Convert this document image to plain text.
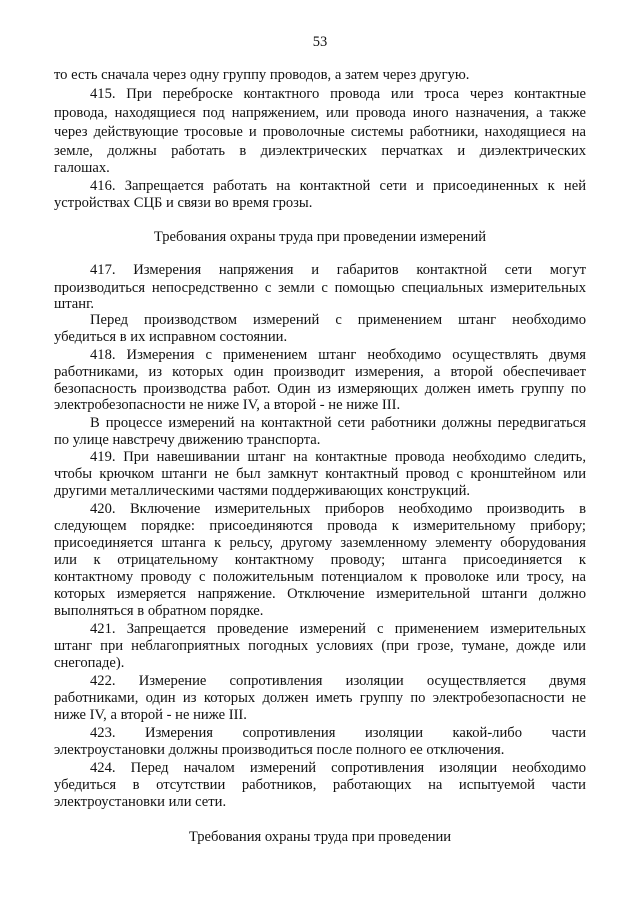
53
то есть сначала через одну группу проводов, а затем через другую.
415. При переброске контактного провода или троса через контактные
провода, находящиеся под напряжением, или провода иного назначения, а также
через действующие тросовые и проволочные системы работники, находящиеся на
земле, должны работать в диэлектрических перчатках и диэлектрических
галошах.
416. Запрещается работать на контактной сети и присоединенных к ней
устройствах СЦБ и связи во время грозы.
Требования охраны труда при проведении измерений
417. Измерения напряжения и габаритов контактной сети могут
производиться непосредственно с земли с помощью специальных измерительных
штанг.
Перед производством измерений с применением штанг необходимо
убедиться в их исправном состоянии.
418. Измерения с применением штанг необходимо осуществлять двумя
работниками, из которых один производит измерения, а второй обеспечивает
безопасность производства работ. Один из измеряющих должен иметь группу по
электробезопасности не ниже IV, а второй - не ниже III.
В процессе измерений на контактной сети работники должны передвигаться
по улице навстречу движению транспорта.
419. При навешивании штанг на контактные провода необходимо следить,
чтобы крючком штанги не был замкнут контактный провод с кронштейном или
другими металлическими частями поддерживающих конструкций.
420. Включение измерительных приборов необходимо производить в
следующем порядке: присоединяются провода к измерительному прибору;
присоединяется штанга к рельсу, другому заземленному элементу оборудования
или к отрицательному контактному проводу; штанга присоединяется к
контактному проводу с положительным потенциалом к проволоке или тросу, на
которых измеряется напряжение. Отключение измерительной штанги должно
выполняться в обратном порядке.
421. Запрещается проведение измерений с применением измерительных
штанг при неблагоприятных погодных условиях (при грозе, тумане, дожде или
снегопаде).
422. Измерение сопротивления изоляции осуществляется двумя
работниками, один из которых должен иметь группу по электробезопасности не
ниже IV, а второй - не ниже III.
423. Измерения сопротивления изоляции какой-либо части
электроустановки должны производиться после полного ее отключения.
424. Перед началом измерений сопротивления изоляции необходимо
убедиться в отсутствии работников, работающих на испытуемой части
электроустановки или сети.
Требования охраны труда при проведении
